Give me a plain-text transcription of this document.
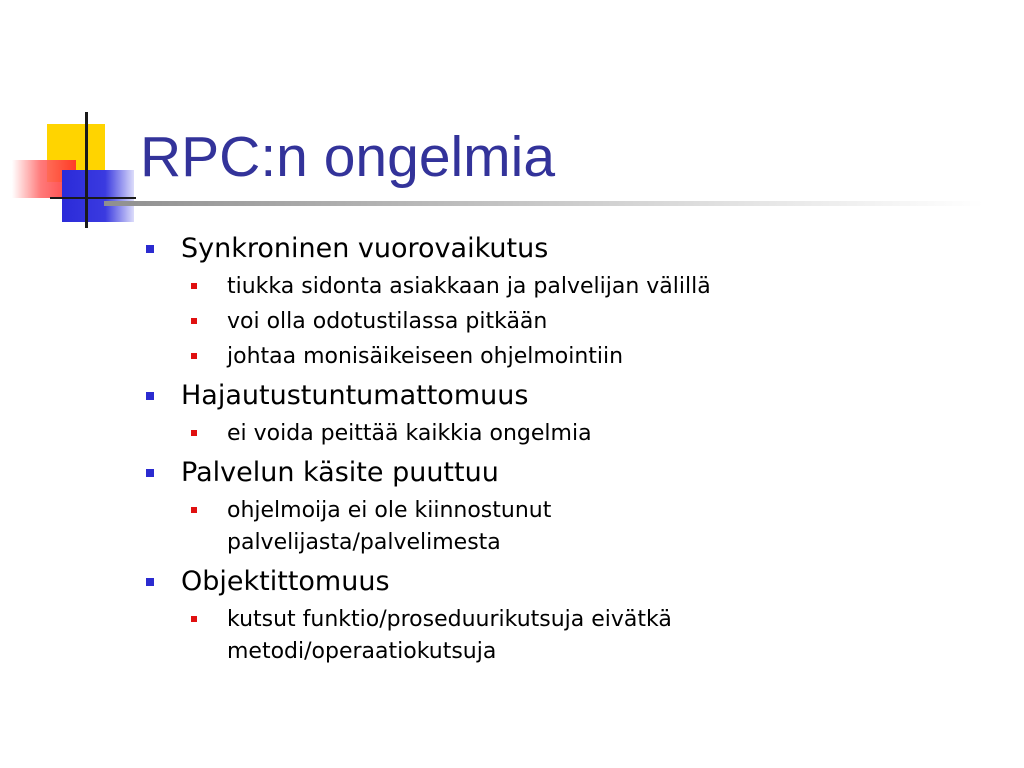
RPC:n ongelmia
Synkroninen vuorovaikutus
tiukka sidonta asiakkaan ja palvelijan välillä
voi olla odotustilassa pitkään
johtaa monisäikeiseen ohjelmointiin
Hajautustuntumattomuus
ei voida peittää kaikkia ongelmia
Palvelun käsite puuttuu
ohjelmoija ei ole kiinnostunut palvelijasta/palvelimesta
Objektittomuus
kutsut funktio/proseduurikutsuja eivätkä metodi/operaatiokutsuja
